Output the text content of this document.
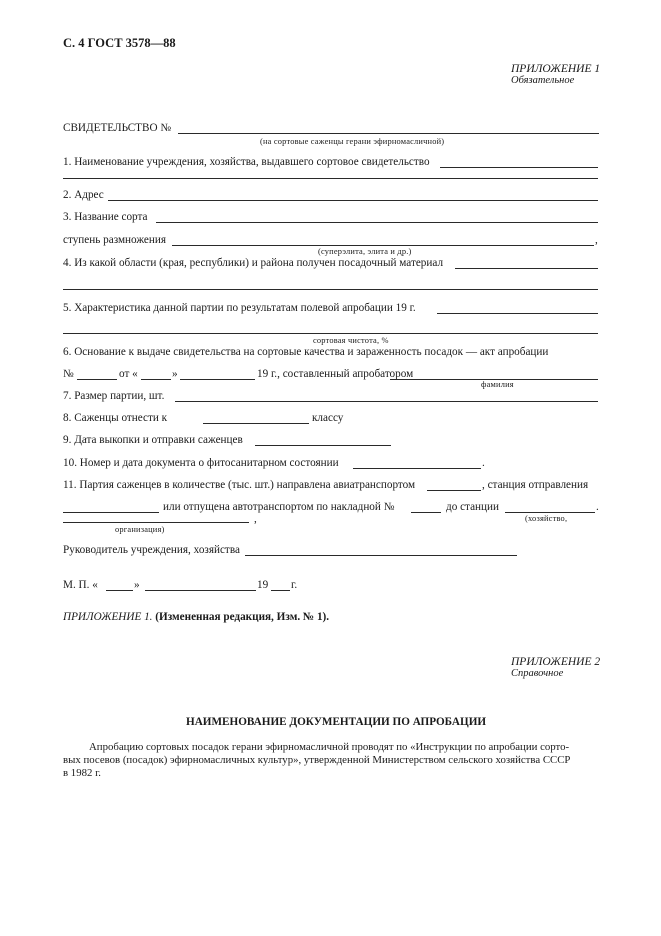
С. 4 ГОСТ 3578—88
ПРИЛОЖЕНИЕ 1
Обязательное
СВИДЕТЕЛЬСТВО №
(на сортовые саженцы герани эфирномасличной)
1. Наименование учреждения, хозяйства, выдавшего сортовое свидетельство
2. Адрес
3. Название сорта
ступень размножения	,
(суперэлита, элита и др.)
4. Из какой области (края, республики) и района получен посадочный материал
5. Характеристика данной партии по результатам полевой апробации 19 г.
сортовая чистота, %
6. Основание к выдаче свидетельства на сортовые качества и зараженность посадок — акт апробации
№	от «	»	19 г., составленный апробатором
фамилия
7. Размер партии, шт.
8. Саженцы отнести к	классу
9. Дата выкопки и отправки саженцев
10. Номер и дата документа о фитосанитарном состоянии	.
11. Партия саженцев в количестве (тыс. шт.) направлена авиатранспортом	, станция отправления
или отпущена автотранспортом по накладной №	до станции	.
,	(хозяйство,
организация)
Руководитель учреждения, хозяйства
М. П. «	»	19 г.
ПРИЛОЖЕНИЕ 1. (Измененная редакция, Изм. № 1).
ПРИЛОЖЕНИЕ 2
Справочное
НАИМЕНОВАНИЕ ДОКУМЕНТАЦИИ ПО АПРОБАЦИИ
Апробацию сортовых посадок герани эфирномасличной проводят по «Инструкции по апробации сорто-
вых посевов (посадок) эфирномасличных культур», утвержденной Министерством сельского хозяйства СССР
в 1982 г.
